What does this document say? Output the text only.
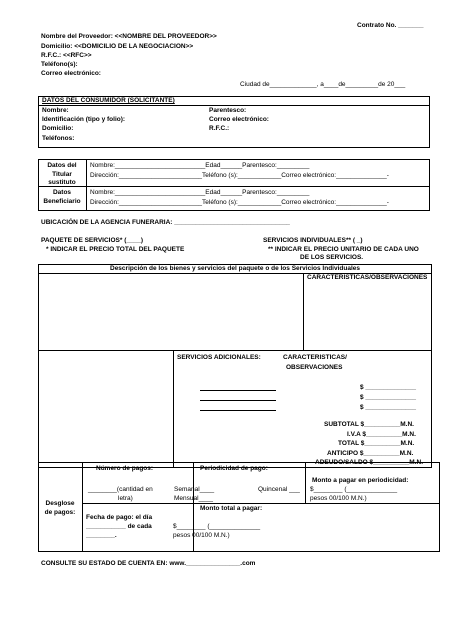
Contrato No. _______
Nombre del Proveedor: <<NOMBRE DEL PROVEEDOR>>
Domicilio: <<DOMICILIO DE LA NEGOCIACION>>
R.F.C.: <<RFC>>
Teléfono(s):
Correo electrónico:
Ciudad de_____________, a____de_________de 20___
DATOS DEL CONSUMIDOR (SOLICITANTE)
Nombre:
Identificación (tipo y folio):
Domicilio:
Teléfonos:
Parentesco:
Correo electrónico:
R.F.C.:
Datos del
Titular
sustituto
Nombre:_________________________Edad______Parentesco:_________
Dirección:_______________________Teléfono (s):____________Correo electrónico:______________-
Datos
Beneficiario
Nombre:_________________________Edad______Parentesco:_________
Dirección:_______________________Teléfono (s):____________Correo electrónico:______________-
UBICACIÓN DE LA AGENCIA FUNERARIA: ________________________________
PAQUETE DE SERVICIOS* (____)
* INDICAR EL PRECIO TOTAL DEL PAQUETE
SERVICIOS INDIVIDUALES** ( _)
** INDICAR EL PRECIO UNITARIO DE CADA UNO
DE LOS SERVICIOS.
Descripción de los bienes y servicios del paquete o de los Servicios Individuales
CARACTERISTICAS/OBSERVACIONES
SERVICIOS ADICIONALES:	CARACTERISTICAS/
OBSERVACIONES
$ ______________
$ ______________
$ ______________
SUBTOTAL $__________M.N.
I.V.A $__________M.N.
TOTAL $__________M.N.
ANTICIPO $__________M.N.
ADEUDO/SALDO $__________M.N.
Desglose
de pagos:
Número de pagos:
________(cantidad en
letra)
Periodicidad de pago:
Semanal____	Quincenal ___
Mensual____
Monto a pagar en periodicidad:
$________ (______________
pesos 00/100 M.N.)
Fecha de pago: el día
___________ de cada
________.
Monto total a pagar:
$________ (______________
pesos 00/100 M.N.)
CONSULTE SU ESTADO DE CUENTA EN: www._______________.com
